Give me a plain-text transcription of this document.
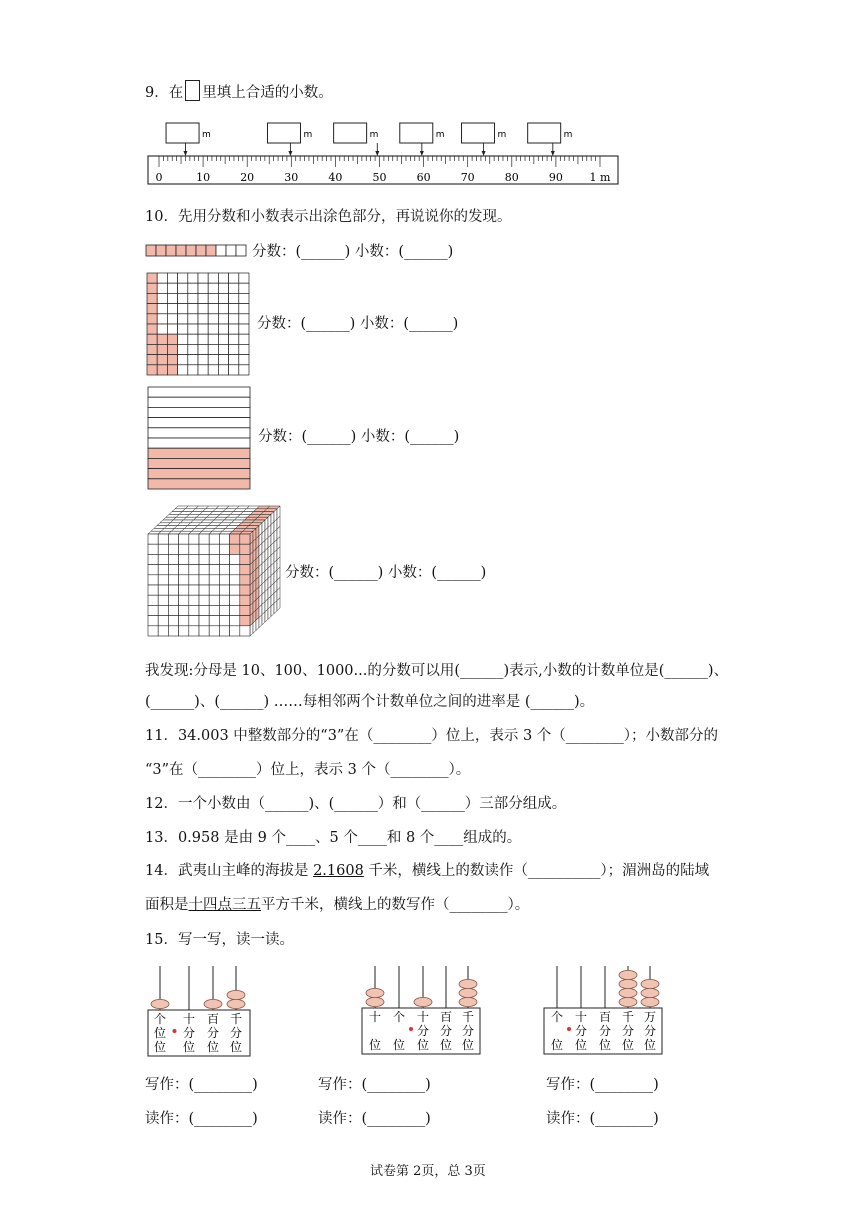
9．在 里填上合适的小数。
0	10	20	30	40	50	60	70	80	90 1 m
m	m	m	m	m	m
10．先用分数和小数表示出涂色部分，再说说你的发现。
分数：(______) 小数：(______)
分数：(______) 小数：(______)
分数：(______) 小数：(______)
分数：(______) 小数：(______)
我发现:分母是 10、100、1000...的分数可以用(______)表示,小数的计数单位是(______)、
(______)、(______) ……每相邻两个计数单位之间的进率是 (______)。
11．34.003 中整数部分的“3”在（________）位上，表示 3 个（________）；小数部分的
“3”在（________）位上，表示 3 个（________）。
12．一个小数由（______)、(______）和（______）三部分组成。
13．0.958 是由 9 个____、5 个____和 8 个____组成的。
14．武夷山主峰的海拔是 2.1608 千米，横线上的数读作（__________）；湄洲岛的陆域
面积是十四点三五平方千米，横线上的数写作（________）。
15．写一写，读一读。
个
位
位
十
分
位
百
分
位
千
分
位
十
位
个
位
十
分
位
百
分
位
千
分
位
个
位
十
分
位
百
分
位
千
分
位
万
分
位
写作：(________)	写作：(________)	写作：(________)
读作：(________)	读作：(________)	读作：(________)
试卷第 2页，总 3页
